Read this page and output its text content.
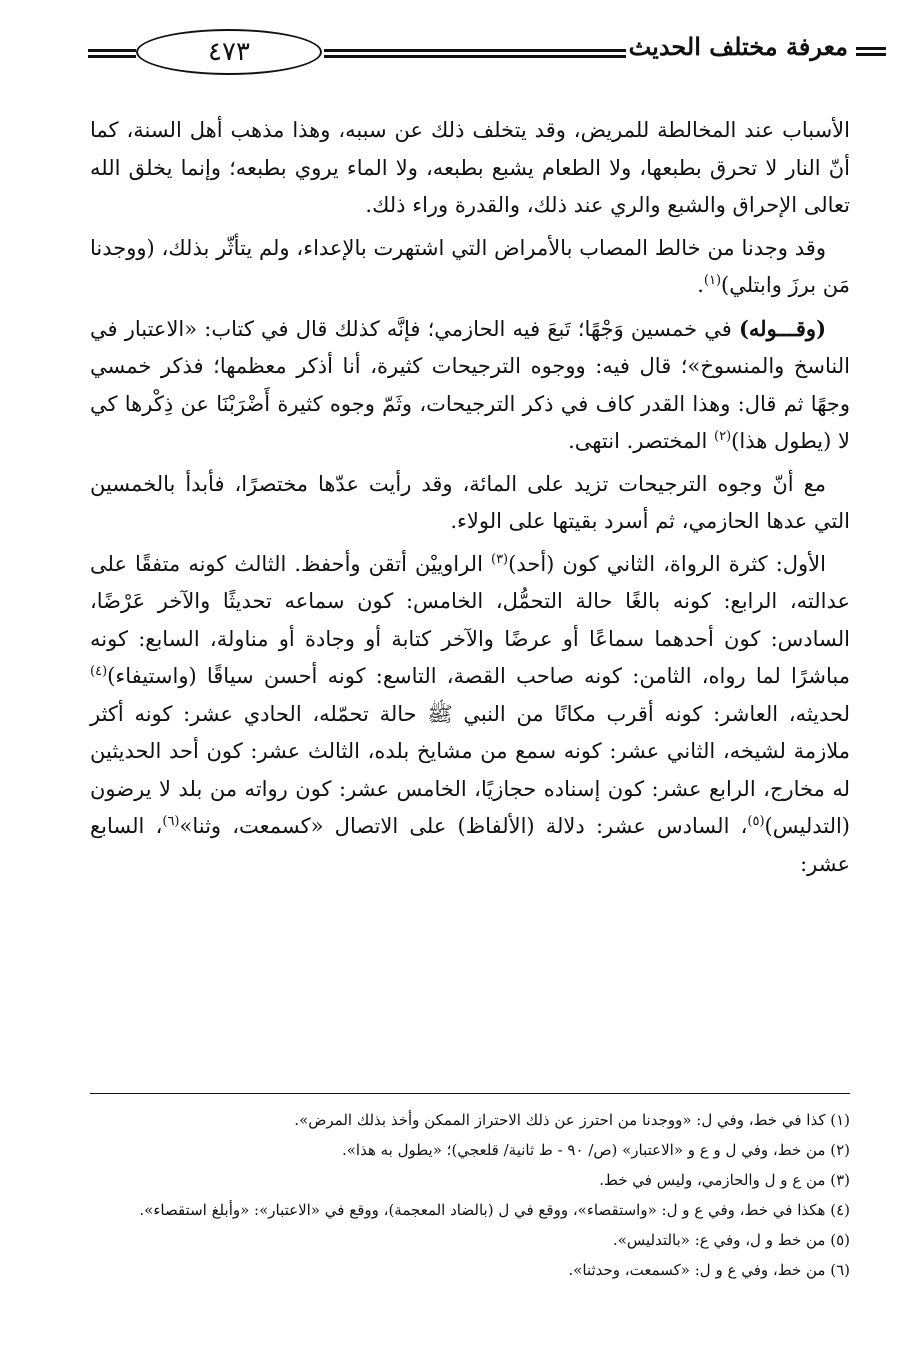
معرفة مختلف الحديث
٤٧٣

الأسباب عند المخالطة للمريض، وقد يتخلف ذلك عن سببه، وهذا مذهب أهل السنة، كما أنّ النار لا تحرق بطبعها، ولا الطعام يشبع بطبعه، ولا الماء يروي بطبعه؛ وإنما يخلق الله تعالى الإحراق والشبع والري عند ذلك، والقدرة وراء ذلك.

وقد وجدنا من خالط المصاب بالأمراض التي اشتهرت بالإعداء، ولم يتأثّر بذلك، (ووجدنا مَن برزَ وابتلي)$^{(١)}$.

(وقـــوله) في خمسين وَجْهًا؛ تَبعَ فيه الحازمي؛ فإنَّه كذلك قال في كتاب: «الاعتبار في الناسخ والمنسوخ»؛ قال فيه: ووجوه الترجيحات كثيرة، أنا أذكر معظمها؛ فذكر خمسي وجهًا ثم قال: وهذا القدر كاف في ذكر الترجيحات، وثَمّ وجوه كثيرة أَضْرَبْنَا عن ذِكْرها كي لا (يطول هذا)$^{(٢)}$ المختصر. انتهى.

مع أنّ وجوه الترجيحات تزيد على المائة، وقد رأيت عدّها مختصرًا، فأبدأ بالخمسين التي عدها الحازمي، ثم أسرد بقيتها على الولاء.

الأول: كثرة الرواة، الثاني كون (أحد)$^{(٣)}$ الراوييْن أتقن وأحفظ. الثالث كونه متفقًا على عدالته، الرابع: كونه بالغًا حالة التحمُّل، الخامس: كون سماعه تحديثًا والآخر عَرْضًا، السادس: كون أحدهما سماعًا أو عرضًا والآخر كتابة أو وجادة أو مناولة، السابع: كونه مباشرًا لما رواه، الثامن: كونه صاحب القصة، التاسع: كونه أحسن سياقًا (واستيفاء)$^{(٤)}$ لحديثه، العاشر: كونه أقرب مكانًا من النبي ﷺ حالة تحمّله، الحادي عشر: كونه أكثر ملازمة لشيخه، الثاني عشر: كونه سمع من مشايخ بلده، الثالث عشر: كون أحد الحديثين له مخارج، الرابع عشر: كون إسناده حجازيًا، الخامس عشر: كون رواته من بلد لا يرضون (التدليس)$^{(٥)}$، السادس عشر: دلالة (الألفاظ) على الاتصال «كسمعت، وثنا»$^{(٦)}$، السابع عشر:

(١) كذا في خط، وفي ل: «ووجدنا من احترز عن ذلك الاحتراز الممكن وأخذ بذلك المرض».
(٢) من خط، وفي ل و ع و «الاعتبار» (ص/ ٩٠ - ط ثانية/ قلعجي)؛ «يطول به هذا».
(٣) من ع و ل والحازمي، وليس في خط.
(٤) هكذا في خط، وفي ع و ل: «واستقصاء»، ووقع في ل (بالضاد المعجمة)، ووقع في «الاعتبار»: «وأبلغ استقصاء».
(٥) من خط و ل، وفي ع: «بالتدليس».
(٦) من خط، وفي ع و ل: «كسمعت، وحدثنا».
